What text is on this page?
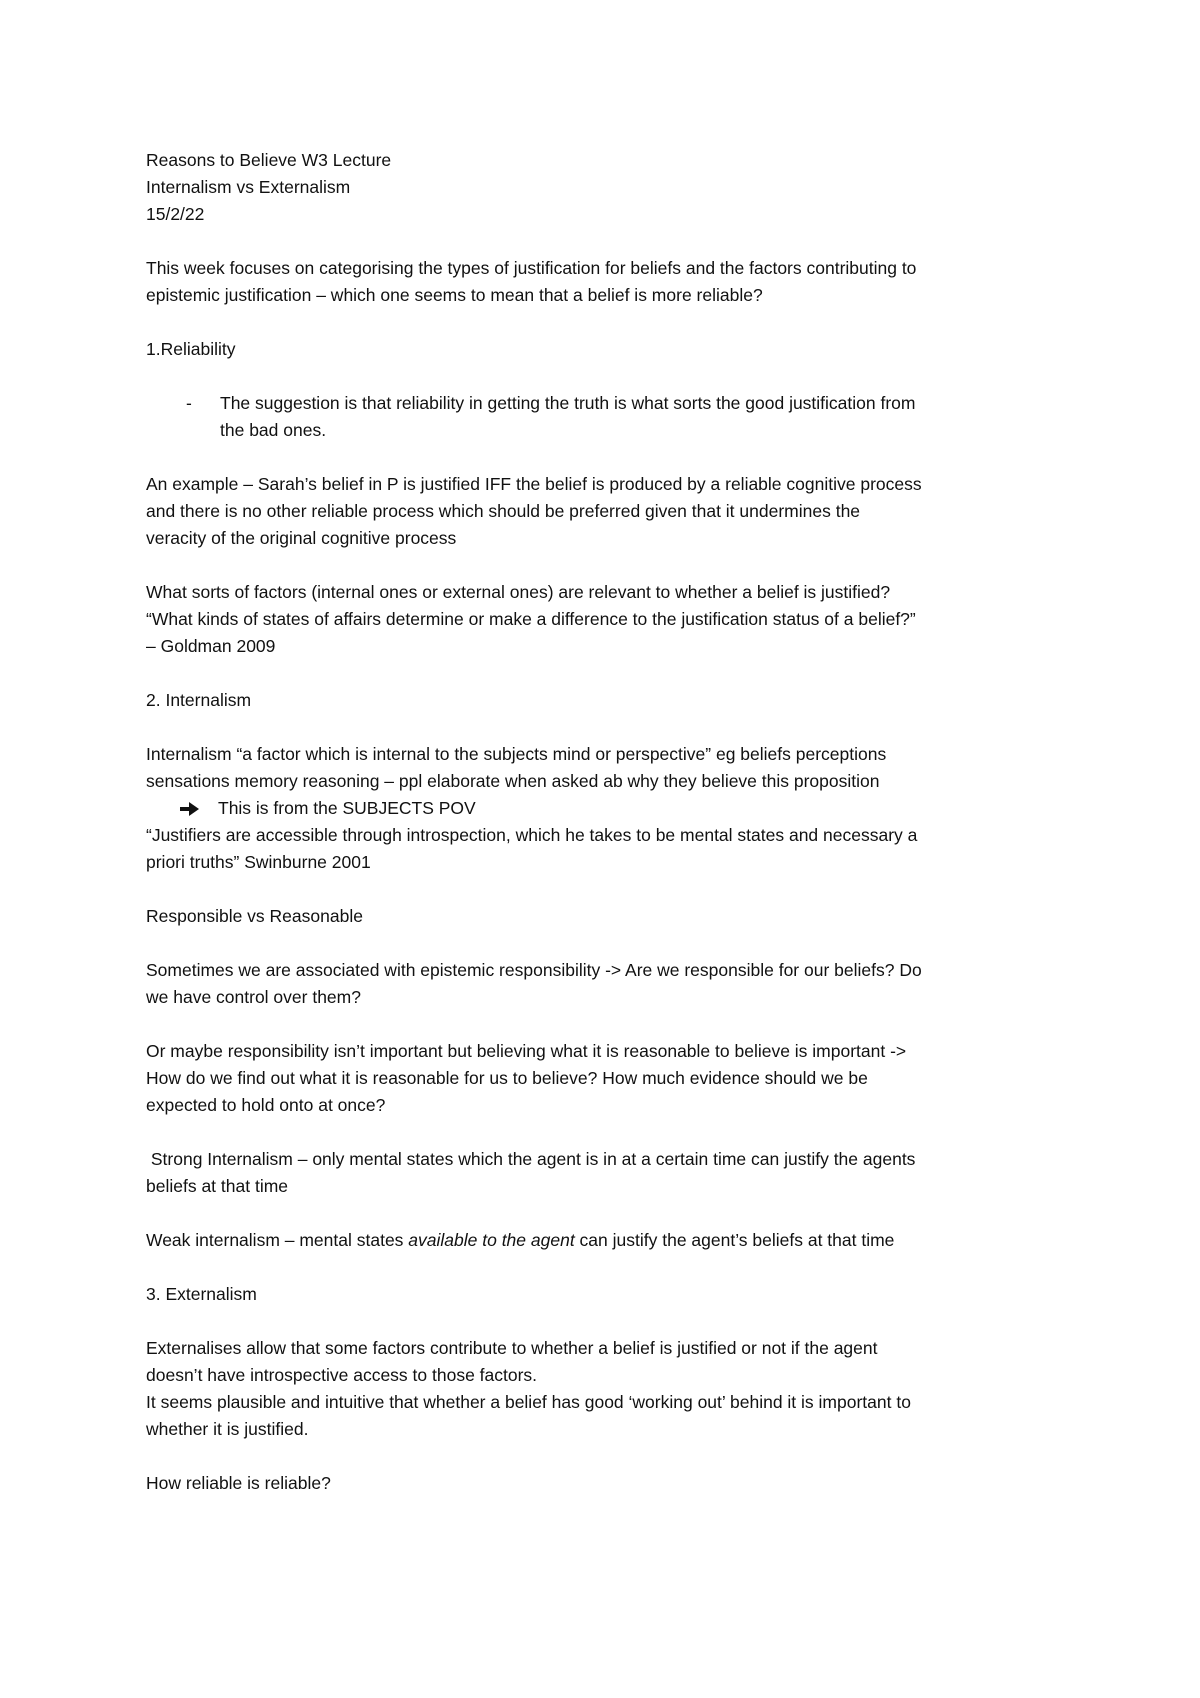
Reasons to Believe W3 Lecture
Internalism vs Externalism
15/2/22
This week focuses on categorising the types of justification for beliefs and the factors contributing to
epistemic justification – which one seems to mean that a belief is more reliable?
1.Reliability
-	The suggestion is that reliability in getting the truth is what sorts the good justification from
the bad ones.
An example – Sarah’s belief in P is justified IFF the belief is produced by a reliable cognitive process
and there is no other reliable process which should be preferred given that it undermines the
veracity of the original cognitive process
What sorts of factors (internal ones or external ones) are relevant to whether a belief is justified?
“What kinds of states of affairs determine or make a difference to the justification status of a belief?”
– Goldman 2009
2. Internalism
Internalism “a factor which is internal to the subjects mind or perspective” eg beliefs perceptions
sensations memory reasoning – ppl elaborate when asked ab why they believe this proposition
This is from the SUBJECTS POV
“Justifiers are accessible through introspection, which he takes to be mental states and necessary a
priori truths” Swinburne 2001
Responsible vs Reasonable
Sometimes we are associated with epistemic responsibility -> Are we responsible for our beliefs? Do
we have control over them?
Or maybe responsibility isn’t important but believing what it is reasonable to believe is important ->
How do we find out what it is reasonable for us to believe? How much evidence should we be
expected to hold onto at once?
Strong Internalism – only mental states which the agent is in at a certain time can justify the agents
beliefs at that time
Weak internalism – mental states available to the agent can justify the agent’s beliefs at that time
3. Externalism
Externalises allow that some factors contribute to whether a belief is justified or not if the agent
doesn’t have introspective access to those factors.
It seems plausible and intuitive that whether a belief has good ‘working out’ behind it is important to
whether it is justified.
How reliable is reliable?
